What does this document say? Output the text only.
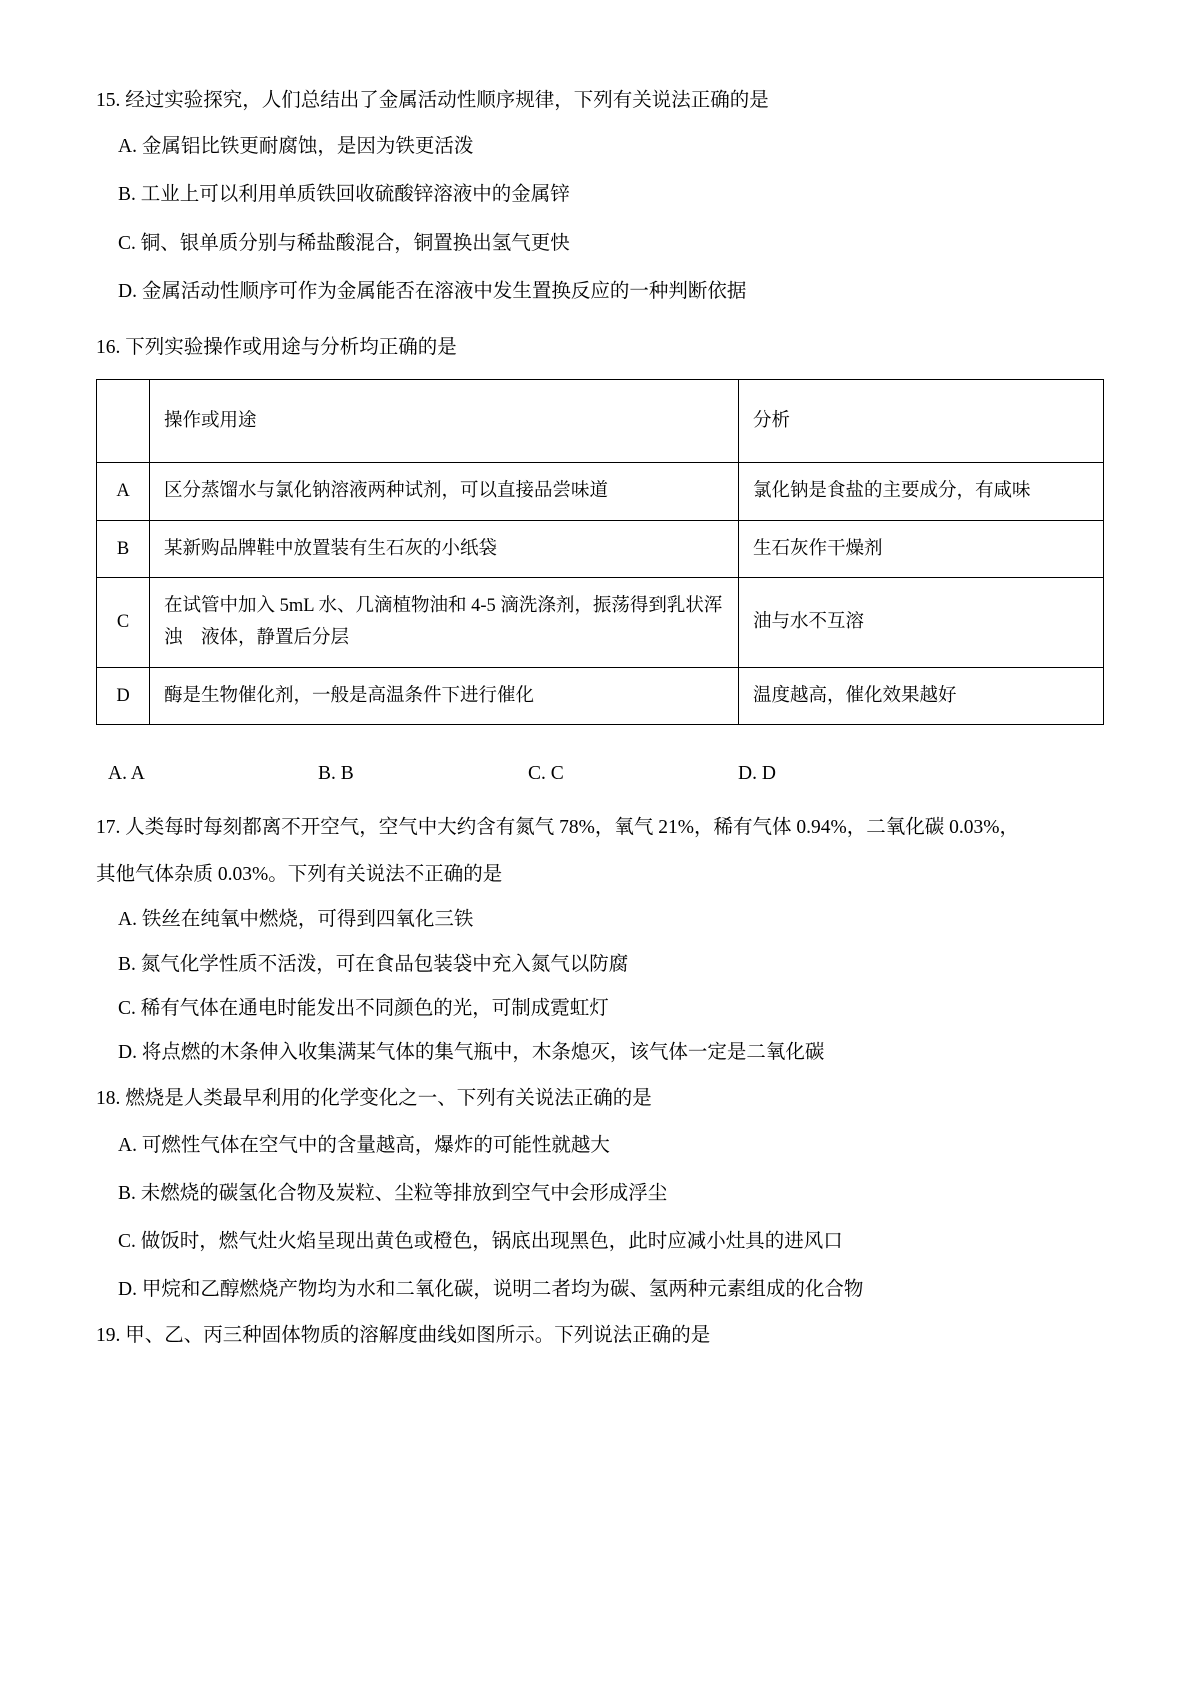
15. 经过实验探究，人们总结出了金属活动性顺序规律，下列有关说法正确的是
A. 金属铝比铁更耐腐蚀，是因为铁更活泼
B. 工业上可以利用单质铁回收硫酸锌溶液中的金属锌
C. 铜、银单质分别与稀盐酸混合，铜置换出氢气更快
D. 金属活动性顺序可作为金属能否在溶液中发生置换反应的一种判断依据
16. 下列实验操作或用途与分析均正确的是
	操作或用途	分析
A	区分蒸馏水与氯化钠溶液两种试剂，可以直接品尝味道	氯化钠是食盐的主要成分，有咸味
B	某新购品牌鞋中放置装有生石灰的小纸袋	生石灰作干燥剂
C	在试管中加入 5mL 水、几滴植物油和 4-5 滴洗涤剂，振荡得到乳状浑浊　液体，静置后分层	油与水不互溶
D	酶是生物催化剂，一般是高温条件下进行催化	温度越高，催化效果越好
A. A	B. B	C. C	D. D
17. 人类每时每刻都离不开空气，空气中大约含有氮气 78%，氧气 21%，稀有气体 0.94%，二氧化碳 0.03%，
其他气体杂质 0.03%。下列有关说法不正确的是
A. 铁丝在纯氧中燃烧，可得到四氧化三铁
B. 氮气化学性质不活泼，可在食品包装袋中充入氮气以防腐
C. 稀有气体在通电时能发出不同颜色的光，可制成霓虹灯
D. 将点燃的木条伸入收集满某气体的集气瓶中，木条熄灭，该气体一定是二氧化碳
18. 燃烧是人类最早利用的化学变化之一、下列有关说法正确的是
A. 可燃性气体在空气中的含量越高，爆炸的可能性就越大
B. 未燃烧的碳氢化合物及炭粒、尘粒等排放到空气中会形成浮尘
C. 做饭时，燃气灶火焰呈现出黄色或橙色，锅底出现黑色，此时应减小灶具的进风口
D. 甲烷和乙醇燃烧产物均为水和二氧化碳，说明二者均为碳、氢两种元素组成的化合物
19. 甲、乙、丙三种固体物质的溶解度曲线如图所示。下列说法正确的是
